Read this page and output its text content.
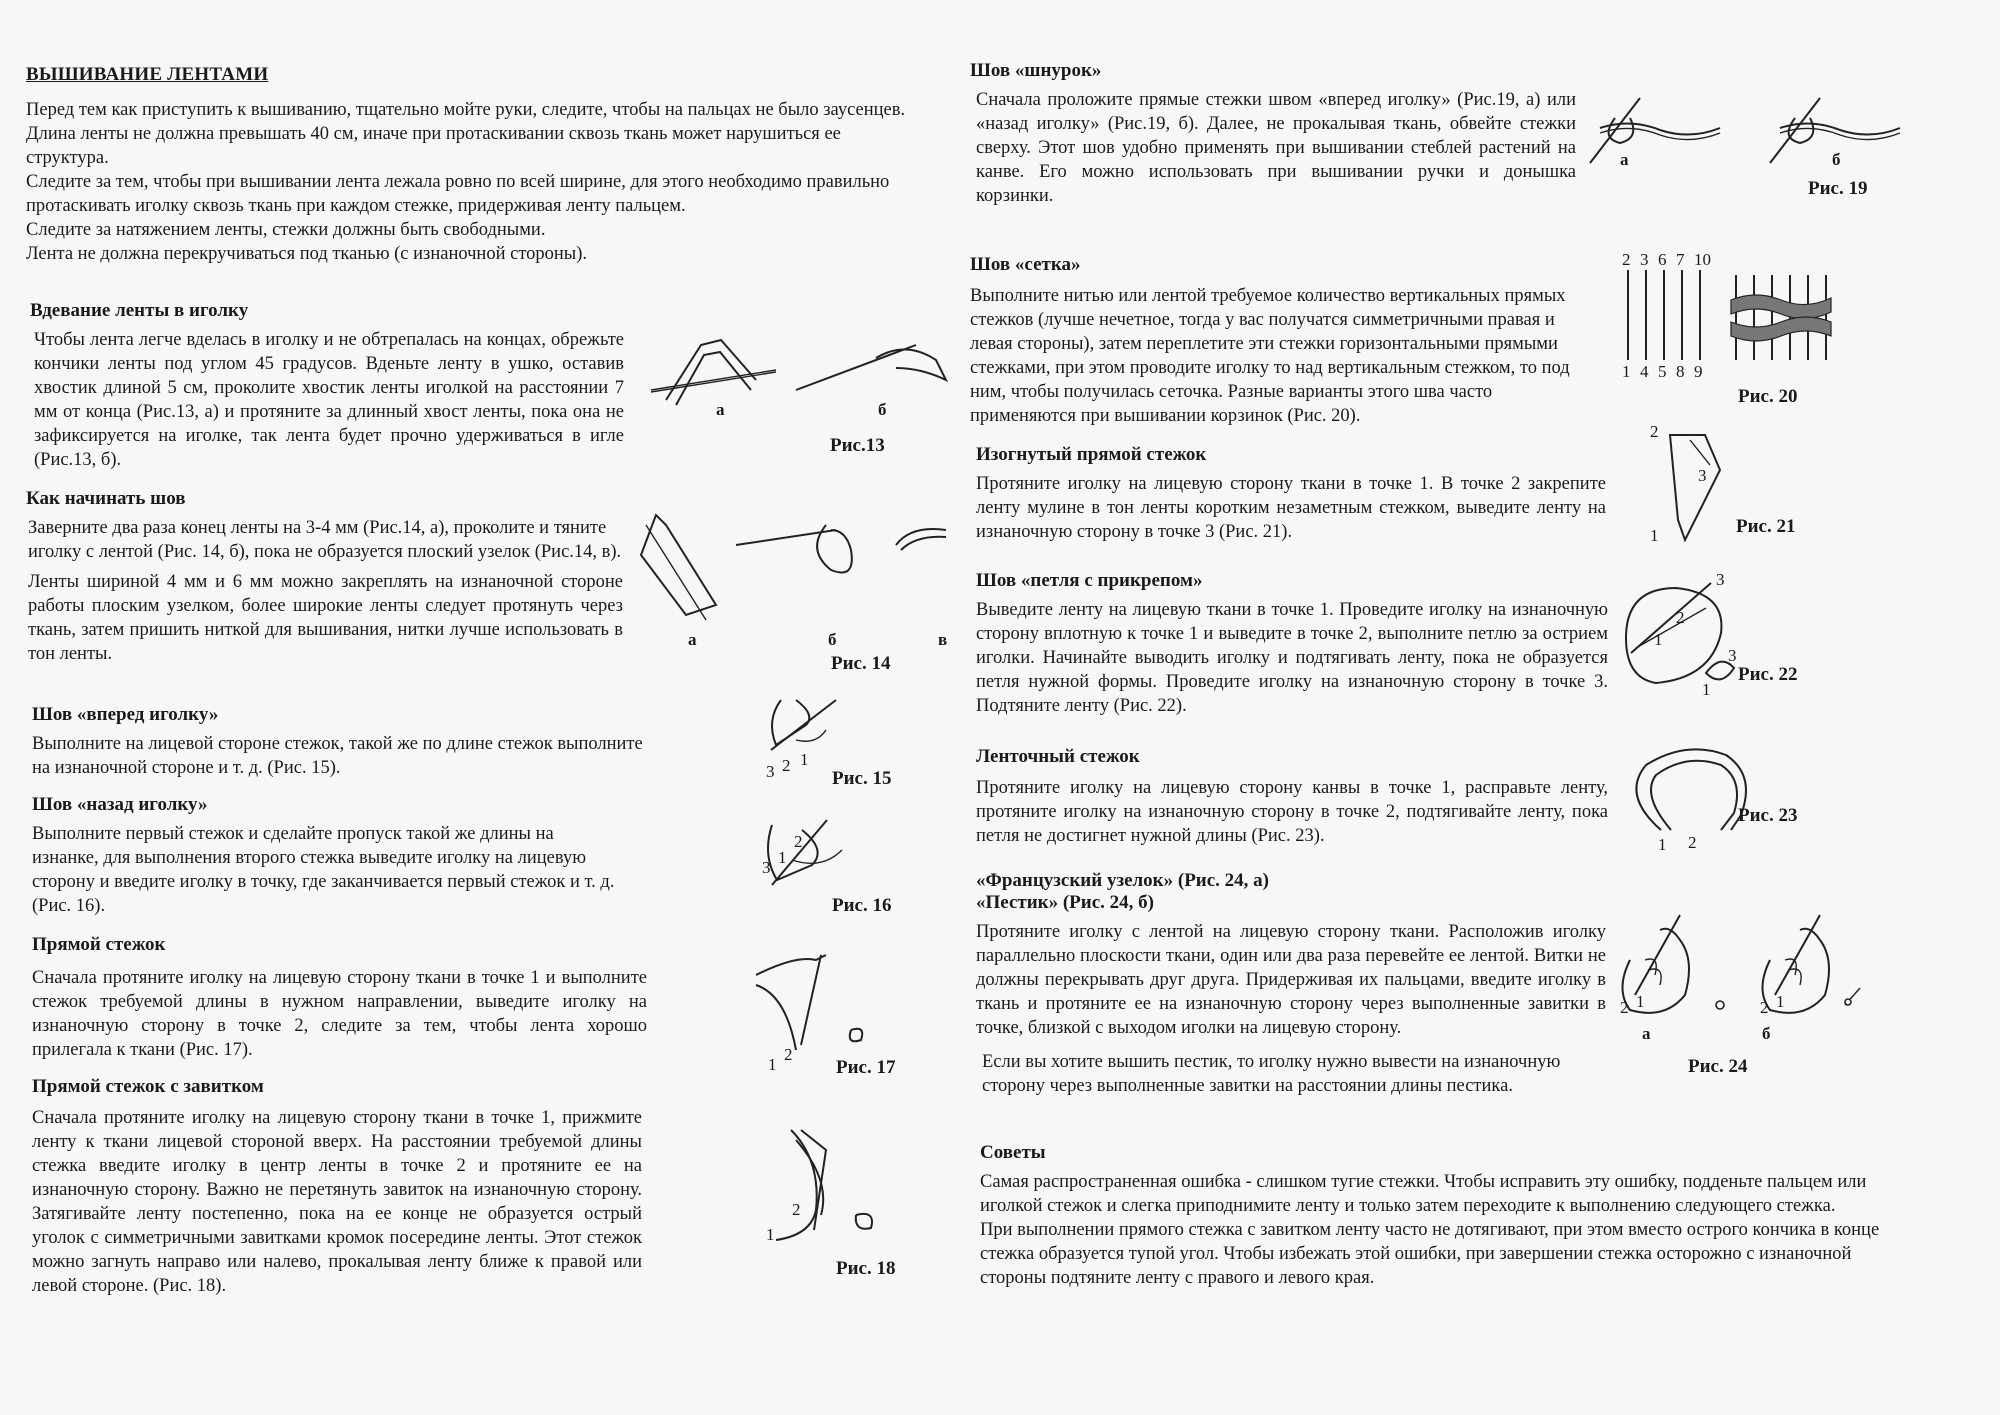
ВЫШИВАНИЕ ЛЕНТАМИ

Перед тем как приступить к вышиванию, тщательно мойте руки, следите, чтобы на пальцах не было заусенцев.

Длина ленты не должна превышать 40 см, иначе при протаскивании сквозь ткань может нарушиться ее структура.

Следите за тем, чтобы при вышивании лента лежала ровно по всей ширине, для этого необходимо правильно протаскивать иголку сквозь ткань при каждом стежке, придерживая ленту пальцем.

Следите за натяжением ленты, стежки должны быть свободными.

Лента не должна перекручиваться под тканью (с изнаночной стороны).

Вдевание ленты в иголку

Чтобы лента легче вделась в иголку и не обтрепалась на концах, обрежьте кончики ленты под углом 45 градусов. Вденьте ленту в ушко, оставив хвостик длиной 5 см, проколите хвостик ленты иголкой на расстоянии 7 мм от конца (Рис.13, а) и протяните за длинный хвост ленты, пока она не зафиксируется на иголке, так лента будет прочно удерживаться в игле (Рис.13, б).

Как начинать шов

Заверните два раза конец ленты на 3-4 мм (Рис.14, а), проколите и тяните иголку с лентой (Рис. 14, б), пока не образуется плоский узелок (Рис.14, в).

Ленты шириной 4 мм и 6 мм можно закреплять на изнаночной стороне работы плоским узелком, более широкие ленты следует протянуть через ткань, затем пришить ниткой для вышивания, нитки лучше использовать в тон ленты.

Шов «вперед иголку»

Выполните на лицевой стороне стежок, такой же по длине стежок выполните на изнаночной стороне и т. д. (Рис. 15).

Шов «назад иголку»

Выполните первый стежок и сделайте пропуск такой же длины на изнанке, для выполнения второго стежка выведите иголку на лицевую сторону и введите иголку в точку, где заканчивается первый стежок и т. д. (Рис. 16).

Прямой стежок

Сначала протяните иголку на лицевую сторону ткани в точке 1 и выполните стежок требуемой длины в нужном направлении, выведите иголку на изнаночную сторону в точке 2, следите за тем, чтобы лента хорошо прилегала к ткани (Рис. 17).

Прямой стежок с завитком

Сначала протяните иголку на лицевую сторону ткани в точке 1, прижмите ленту к ткани лицевой стороной вверх. На расстоянии требуемой длины стежка введите иголку в центр ленты в точке 2 и протяните ее на изнаночную сторону. Важно не перетянуть завиток на изнаночную сторону. Затягивайте ленту постепенно, пока на ее конце не образуется острый уголок с симметричными завитками кромок посередине ленты. Этот стежок можно загнуть направо или налево, прокалывая ленту ближе к правой или левой стороне. (Рис. 18).

а	б
Рис.13
а	б	в
Рис. 14
3 2 1
Рис. 15
3
1
2
Рис. 16
1
2
Рис. 17
1
2
Рис. 18
Шов «шнурок»

Сначала проложите прямые стежки швом «вперед иголку» (Рис.19, а) или «назад иголку» (Рис.19, б). Далее, не прокалывая ткань, обвейте стежки сверху. Этот шов удобно применять при вышивании стеблей растений на канве. Его можно использовать при вышивании ручки и донышка корзинки.

Шов «сетка»

Выполните нитью или лентой требуемое количество вертикальных прямых стежков (лучше нечетное, тогда у вас получатся симметричными правая и левая стороны), затем переплетите эти стежки горизонтальными прямыми стежками, при этом проводите иголку то над вертикальным стежком, то под ним, чтобы получилась сеточка. Разные варианты этого шва часто применяются при вышивании корзинок (Рис. 20).

Изогнутый прямой стежок

Протяните иголку на лицевую сторону ткани в точке 1. В точке 2 закрепите ленту мулине в тон ленты коротким незаметным стежком, выведите ленту на изнаночную сторону в точке 3 (Рис. 21).

Шов «петля с прикрепом»

Выведите ленту на лицевую ткани в точке 1. Проведите иголку на изнаночную сторону вплотную к точке 1 и выведите в точке 2, выполните петлю за острием иголки. Начинайте выводить иголку и подтягивать ленту, пока не образуется петля нужной формы. Проведите иголку на изнаночную сторону в точке 3. Подтяните ленту (Рис. 22).

Ленточный стежок

Протяните иголку на лицевую сторону канвы в точке 1, расправьте ленту, протяните иголку на изнаночную сторону в точке 2, подтягивайте ленту, пока петля не достигнет нужной длины (Рис. 23).

«Французский узелок» (Рис. 24, а)
«Пестик» (Рис. 24, б)

Протяните иголку с лентой на лицевую сторону ткани. Расположив иголку параллельно плоскости ткани, один или два раза перевейте ее лентой. Витки не должны перекрывать друг друга. Придерживая их пальцами, введите иголку в ткань и протяните ее на изнаночную сторону через выполненные завитки в точке, близкой с выходом иголки на лицевую сторону.

Если вы хотите вышить пестик, то иголку нужно вывести на изнаночную сторону через выполненные завитки на расстоянии длины пестика.

Советы

Самая распространенная ошибка - слишком тугие стежки. Чтобы исправить эту ошибку, подденьте пальцем или иголкой стежок и слегка приподнимите ленту и только затем переходите к выполнению следующего стежка.

При выполнении прямого стежка с завитком ленту часто не дотягивают, при этом вместо острого кончика в конце стежка образуется тупой угол. Чтобы избежать этой ошибки, при завершении стежка осторожно с изнаночной стороны подтяните ленту с правого и левого края.

а	б
Рис. 19
2 3 6 7 10
1 4 5 8 9
Рис. 20
2
3
1	Рис. 21
3
2
1
1
3
Рис. 22
1 2
Рис. 23
2 1	2 1
а	б
Рис. 24
